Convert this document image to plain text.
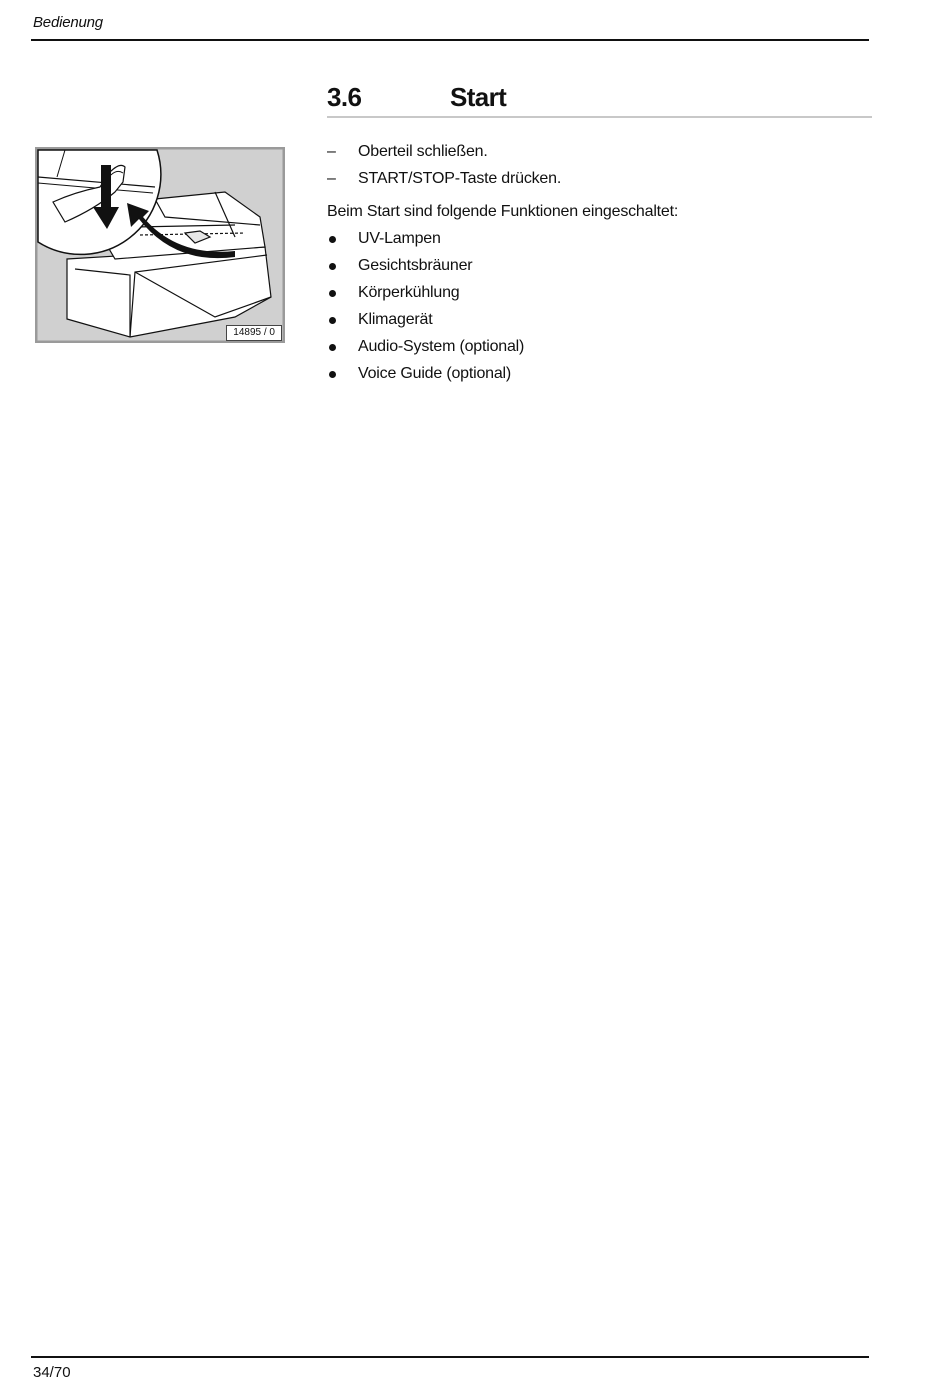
Bedienung
3.6	Start
14895 / 0
–	Oberteil schließen.
–	START/STOP-Taste drücken.
Beim Start sind folgende Funktionen eingeschaltet:
UV-Lampen
Gesichtsbräuner
Körperkühlung
Klimagerät
Audio-System (optional)
Voice Guide (optional)
34/70
